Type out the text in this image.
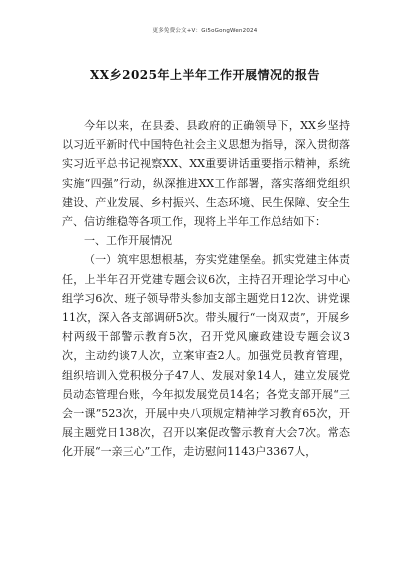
更多免费公文+V：Gi5oGongWen2024
XX乡2025年上半年工作开展情况的报告

今年以来，在县委、县政府的正确领导下，XX乡坚持以习近平新时代中国特色社会主义思想为指导，深入贯彻落实习近平总书记视察XX、XX重要讲话重要指示精神，系统实施“四强”行动，纵深推进XX工作部署，落实落细党组织建设、产业发展、乡村振兴、生态环境、民生保障、安全生产、信访维稳等各项工作，现将上半年工作总结如下：

一、工作开展情况

（一）筑牢思想根基，夯实党建堡垒。抓实党建主体责任，上半年召开党建专题会议6次，主持召开理论学习中心组学习6次、班子领导带头参加支部主题党日12次、讲党课11次，深入各支部调研5次。带头履行“一岗双责”，开展乡村两级干部警示教育5次，召开党风廉政建设专题会议3次，主动约谈7人次，立案审查2人。加强党员教育管理，组织培训入党积极分子47人、发展对象14人，建立发展党员动态管理台账，今年拟发展党员14名；各党支部开展“三会一课”523次，开展中央八项规定精神学习教育65次，开展主题党日138次，召开以案促改警示教育大会7次。常态化开展“一亲三心”工作，走访慰问1143户3367人，
